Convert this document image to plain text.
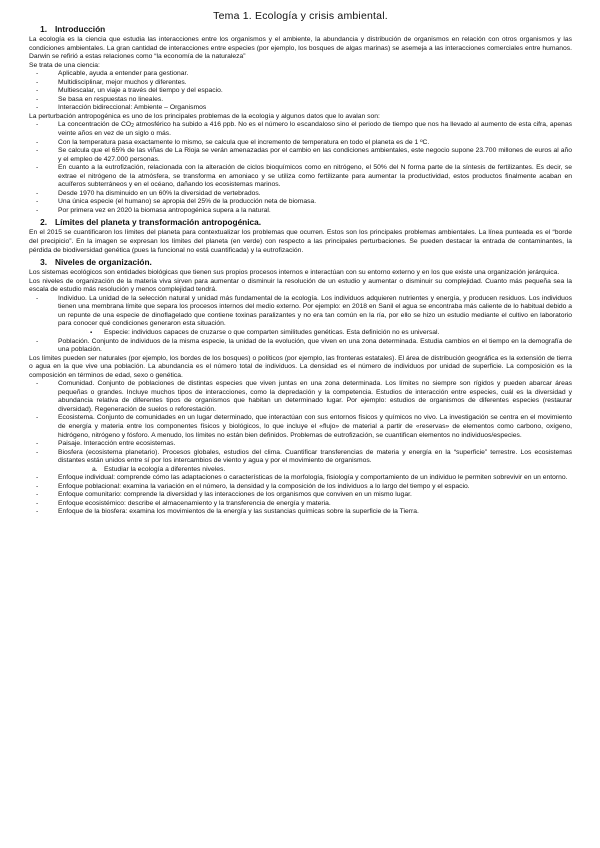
Tema 1. Ecología y crisis ambiental.
1. Introducción

La ecología es la ciencia que estudia las interacciones entre los organismos y el ambiente, la abundancia y distribución de organismos en relación con otros organismos y las condiciones ambientales. La gran cantidad de interacciones entre especies (por ejemplo, los bosques de algas marinas) se asemeja a las interacciones comerciales entre humanos. Darwin se refirió a estas relaciones como “la economía de la naturaleza”

Se trata de una ciencia:

- Aplicable, ayuda a entender para gestionar.
- Multidisciplinar, mejor muchos y diferentes.
- Multiescalar, un viaje a través del tiempo y del espacio.
- Se basa en respuestas no lineales.
- Interacción bidireccional: Ambiente – Organismos

La perturbación antropogénica es uno de los principales problemas de la ecología y algunos datos que lo avalan son:

- La concentración de $CO_2$ atmosférico ha subido a 416 ppb. No es el número lo escandaloso sino el periodo de tiempo que nos ha llevado al aumento de esta cifra, apenas veinte años en vez de un siglo o más.
- Con la temperatura pasa exactamente lo mismo, se calcula que el incremento de temperatura en todo el planeta es de 1 ºC.
- Se calcula que el 65% de las viñas de La Rioja se verán amenazadas por el cambio en las condiciones ambientales, este negocio supone 23.700 millones de euros al año y el empleo de 427.000 personas.
- En cuanto a la eutrofización, relacionada con la alteración de ciclos bioquímicos como en nitrógeno, el 50% del N forma parte de la síntesis de fertilizantes. Es decir, se extrae el nitrógeno de la atmósfera, se transforma en amoniaco y se utiliza como fertilizante para aumentar la productividad, estos productos finalmente acaban en acuíferos subterráneos y en el océano, dañando los ecosistemas marinos.
- Desde 1970 ha disminuido en un 60% la diversidad de vertebrados.
- Una única especie (el humano) se apropia del 25% de la producción neta de biomasa.
- Por primera vez en 2020 la biomasa antropogénica supera a la natural.
2. Límites del planeta y transformación antropogénica.

En el 2015 se cuantificaron los límites del planeta para contextualizar los problemas que ocurren. Estos son los principales problemas ambientales. La línea punteada es el “borde del precipicio”. En la imagen se expresan los límites del planeta (en verde) con respecto a las principales perturbaciones. Se pueden destacar la entrada de contaminantes, la pérdida de biodiversidad genética (pues la funcional no está cuantificada) y la eutrofización.

3. Niveles de organización.

Los sistemas ecológicos son entidades biológicas que tienen sus propios procesos internos e interactúan con su entorno externo y en los que existe una organización jerárquica.

Los niveles de organización de la materia viva sirven para aumentar o disminuir la resolución de un estudio y aumentar o disminuir su complejidad. Cuanto más pequeña sea la escala de estudio más resolución y menos complejidad tendrá.

- Individuo. La unidad de la selección natural y unidad más fundamental de la ecología. Los individuos adquieren nutrientes y energía, y producen residuos. Los individuos tienen una membrana límite que separa los procesos internos del medio externo. Por ejemplo: en 2018 en Sanil el agua se encontraba más caliente de lo habitual debido a un repunte de una especie de dinoflagelado que contiene toxinas paralizantes y no era tan común en la ría, por ello se hizo un estudio mediante el cultivo en laboratorio para conocer qué condiciones generaron esta situación.
▪ Especie: individuos capaces de cruzarse o que comparten similitudes genéticas. Esta definición no es universal.
- Población. Conjunto de individuos de la misma especie, la unidad de la evolución, que viven en una zona determinada. Estudia cambios en el tiempo en la demografía de una población.

Los límites pueden ser naturales (por ejemplo, los bordes de los bosques) o políticos (por ejemplo, las fronteras estatales). El área de distribución geográfica es la extensión de tierra o agua en la que vive una población. La abundancia es el número total de individuos. La densidad es el número de individuos por unidad de superficie. La composición es la composición en términos de edad, sexo o genética.

- Comunidad. Conjunto de poblaciones de distintas especies que viven juntas en una zona determinada. Los límites no siempre son rígidos y pueden abarcar áreas pequeñas o grandes. Incluye muchos tipos de interacciones, como la depredación y la competencia. Estudios de interacción entre especies, cuál es la diversidad y abundancia relativa de diferentes tipos de organismos que habitan un determinado lugar. Por ejemplo: estudios de organismos de diferentes especies (restaurar diversidad). Regeneración de suelos o reforestación.
- Ecosistema. Conjunto de comunidades en un lugar determinado, que interactúan con sus entornos físicos y químicos no vivo. La investigación se centra en el movimiento de energía y materia entre los componentes físicos y biológicos, lo que incluye el «flujo» de material a partir de «reservas» de elementos como carbono, oxígeno, hidrógeno, nitrógeno y fósforo. A menudo, los límites no están bien definidos. Problemas de eutrofización, se cuantifican elementos no individuos/especies.
- Paisaje. Interacción entre ecosistemas.
- Biosfera (ecosistema planetario). Procesos globales, estudios del clima. Cuantificar transferencias de materia y energía en la “superficie” terrestre. Los ecosistemas distantes están unidos entre sí por los intercambios de viento y agua y por el movimiento de organismos.
a. Estudiar la ecología a diferentes niveles.
- Enfoque individual: comprende cómo las adaptaciones o características de la morfología, fisiología y comportamiento de un individuo le permiten sobrevivir en un entorno.
- Enfoque poblacional: examina la variación en el número, la densidad y la composición de los individuos a lo largo del tiempo y el espacio.
- Enfoque comunitario: comprende la diversidad y las interacciones de los organismos que conviven en un mismo lugar.
- Enfoque ecosistémico: describe el almacenamiento y la transferencia de energía y materia.
- Enfoque de la biosfera: examina los movimientos de la energía y las sustancias químicas sobre la superficie de la Tierra.
